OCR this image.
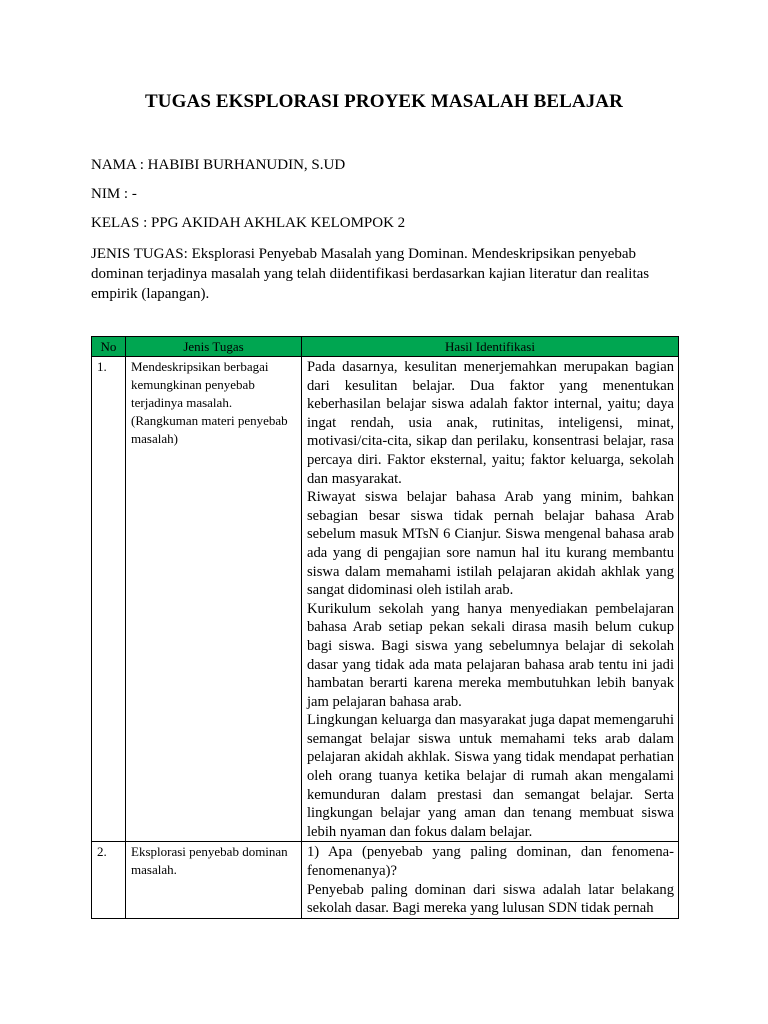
TUGAS EKSPLORASI PROYEK MASALAH BELAJAR
NAMA : HABIBI BURHANUDIN, S.UD
NIM : -
KELAS : PPG AKIDAH AKHLAK KELOMPOK 2
JENIS TUGAS: Eksplorasi Penyebab Masalah yang Dominan. Mendeskripsikan penyebab dominan terjadinya masalah yang telah diidentifikasi berdasarkan kajian literatur dan realitas empirik (lapangan).
No	Jenis Tugas	Hasil Identifikasi
1.	Mendeskripsikan berbagai kemungkinan penyebab terjadinya masalah. (Rangkuman materi penyebab masalah)	Pada dasarnya, kesulitan menerjemahkan merupakan bagian dari kesulitan belajar. Dua faktor yang menentukan keberhasilan belajar siswa adalah faktor internal, yaitu; daya ingat rendah, usia anak, rutinitas, inteligensi, minat, motivasi/cita-cita, sikap dan perilaku, konsentrasi belajar, rasa percaya diri. Faktor eksternal, yaitu; faktor keluarga, sekolah dan masyarakat.

Riwayat siswa belajar bahasa Arab yang minim, bahkan sebagian besar siswa tidak pernah belajar bahasa Arab sebelum masuk MTsN 6 Cianjur. Siswa mengenal bahasa arab ada yang di pengajian sore namun hal itu kurang membantu siswa dalam memahami istilah pelajaran akidah akhlak yang sangat didominasi oleh istilah arab.

Kurikulum sekolah yang hanya menyediakan pembelajaran bahasa Arab setiap pekan sekali dirasa masih belum cukup bagi siswa. Bagi siswa yang sebelumnya belajar di sekolah dasar yang tidak ada mata pelajaran bahasa arab tentu ini jadi hambatan berarti karena mereka membutuhkan lebih banyak jam pelajaran bahasa arab.

Lingkungan keluarga dan masyarakat juga dapat memengaruhi semangat belajar siswa untuk memahami teks arab dalam pelajaran akidah akhlak. Siswa yang tidak mendapat perhatian oleh orang tuanya ketika belajar di rumah akan mengalami kemunduran dalam prestasi dan semangat belajar. Serta lingkungan belajar yang aman dan tenang membuat siswa lebih nyaman dan fokus dalam belajar.

2.	Eksplorasi penyebab dominan masalah.	1) Apa (penyebab yang paling dominan, dan fenomena-fenomenanya)?

Penyebab paling dominan dari siswa adalah latar belakang sekolah dasar. Bagi mereka yang lulusan SDN tidak pernah
